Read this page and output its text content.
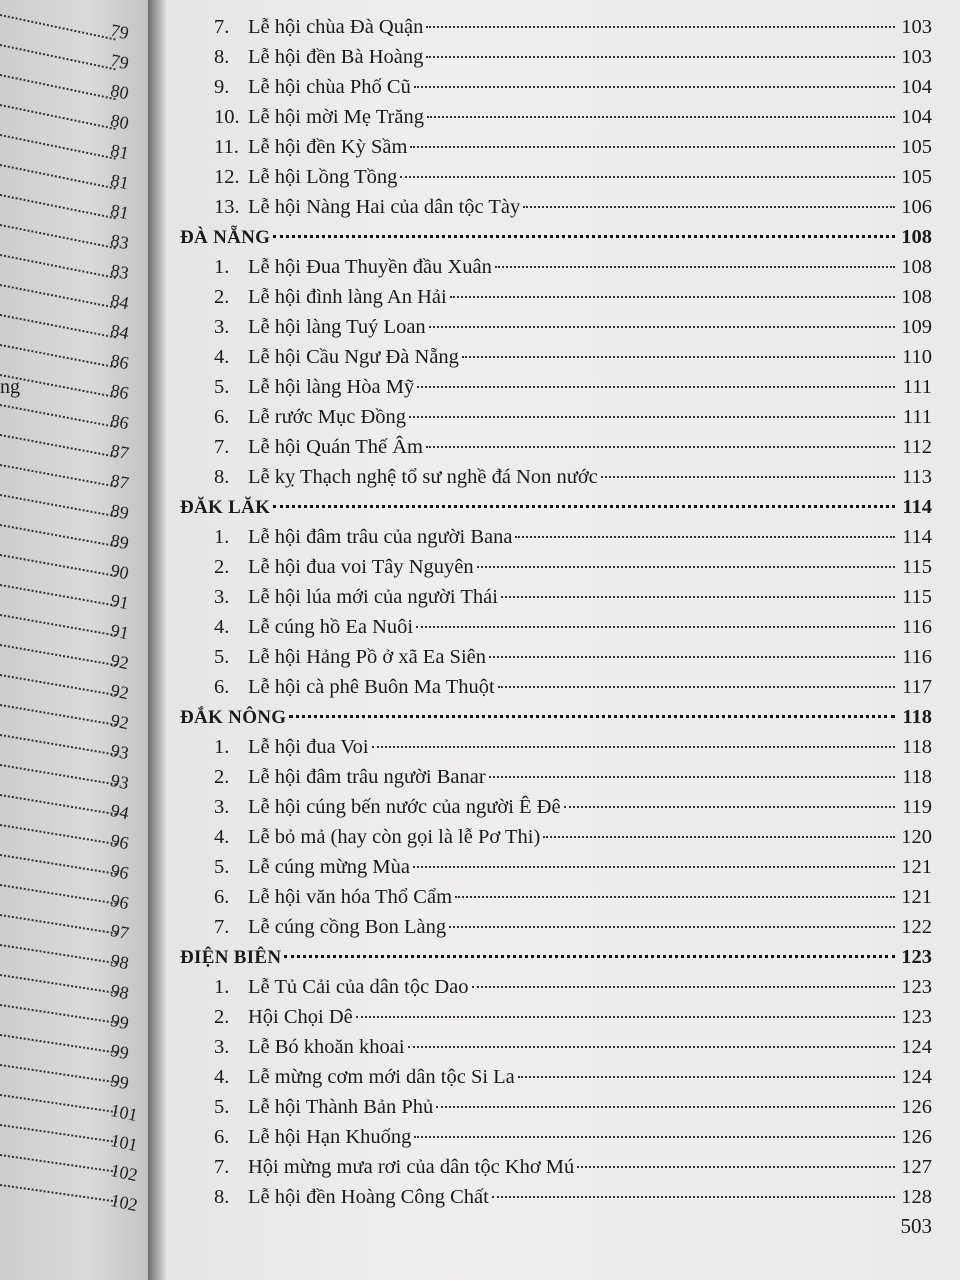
ng
79
79
80
80
81
81
81
83
83
84
84
86
86
86
87
87
89
89
90
91
91
92
92
92
93
93
94
96
96
96
97
98
98
99
99
99
101
101
102
102
7. Lễ hội chùa Đà Quận	103
8. Lễ hội đền Bà Hoàng	103
9. Lễ hội chùa Phố Cũ	104
10. Lễ hội mời Mẹ Trăng	104
11. Lễ hội đền Kỳ Sầm	105
12. Lễ hội Lồng Tồng	105
13. Lễ hội Nàng Hai của dân tộc Tày	106
ĐÀ NẴNG	108
1. Lễ hội Đua Thuyền đầu Xuân	108
2. Lễ hội đình làng An Hải	108
3. Lễ hội làng Tuý Loan	109
4. Lễ hội Cầu Ngư Đà Nẵng	110
5. Lễ hội làng Hòa Mỹ	111
6. Lễ rước Mục Đồng	111
7. Lễ hội Quán Thế Âm	112
8. Lễ kỵ Thạch nghệ tổ sư nghề đá Non nước	113
ĐĂK LĂK	114
1. Lễ hội đâm trâu của người Bana	114
2. Lễ hội đua voi Tây Nguyên	115
3. Lễ hội lúa mới của người Thái	115
4. Lễ cúng hồ Ea Nuôi	116
5. Lễ hội Hảng Pồ ở xã Ea Siên	116
6. Lễ hội cà phê Buôn Ma Thuột	117
ĐẮK NÔNG	118
1. Lễ hội đua Voi	118
2. Lễ hội đâm trâu người Banar	118
3. Lễ hội cúng bến nước của người Ê Đê	119
4. Lễ bỏ mả (hay còn gọi là lễ Pơ Thi)	120
5. Lễ cúng mừng Mùa	121
6. Lễ hội văn hóa Thổ Cẩm	121
7. Lễ cúng cồng Bon Làng	122
ĐIỆN BIÊN	123
1. Lễ Tủ Cải của dân tộc Dao	123
2. Hội Chọi Dê	123
3. Lễ Bó khoăn khoai	124
4. Lễ mừng cơm mới dân tộc Si La	124
5. Lễ hội Thành Bản Phủ	126
6. Lễ hội Hạn Khuống	126
7. Hội mừng mưa rơi của dân tộc Khơ Mú	127
8. Lễ hội đền Hoàng Công Chất	128
503
